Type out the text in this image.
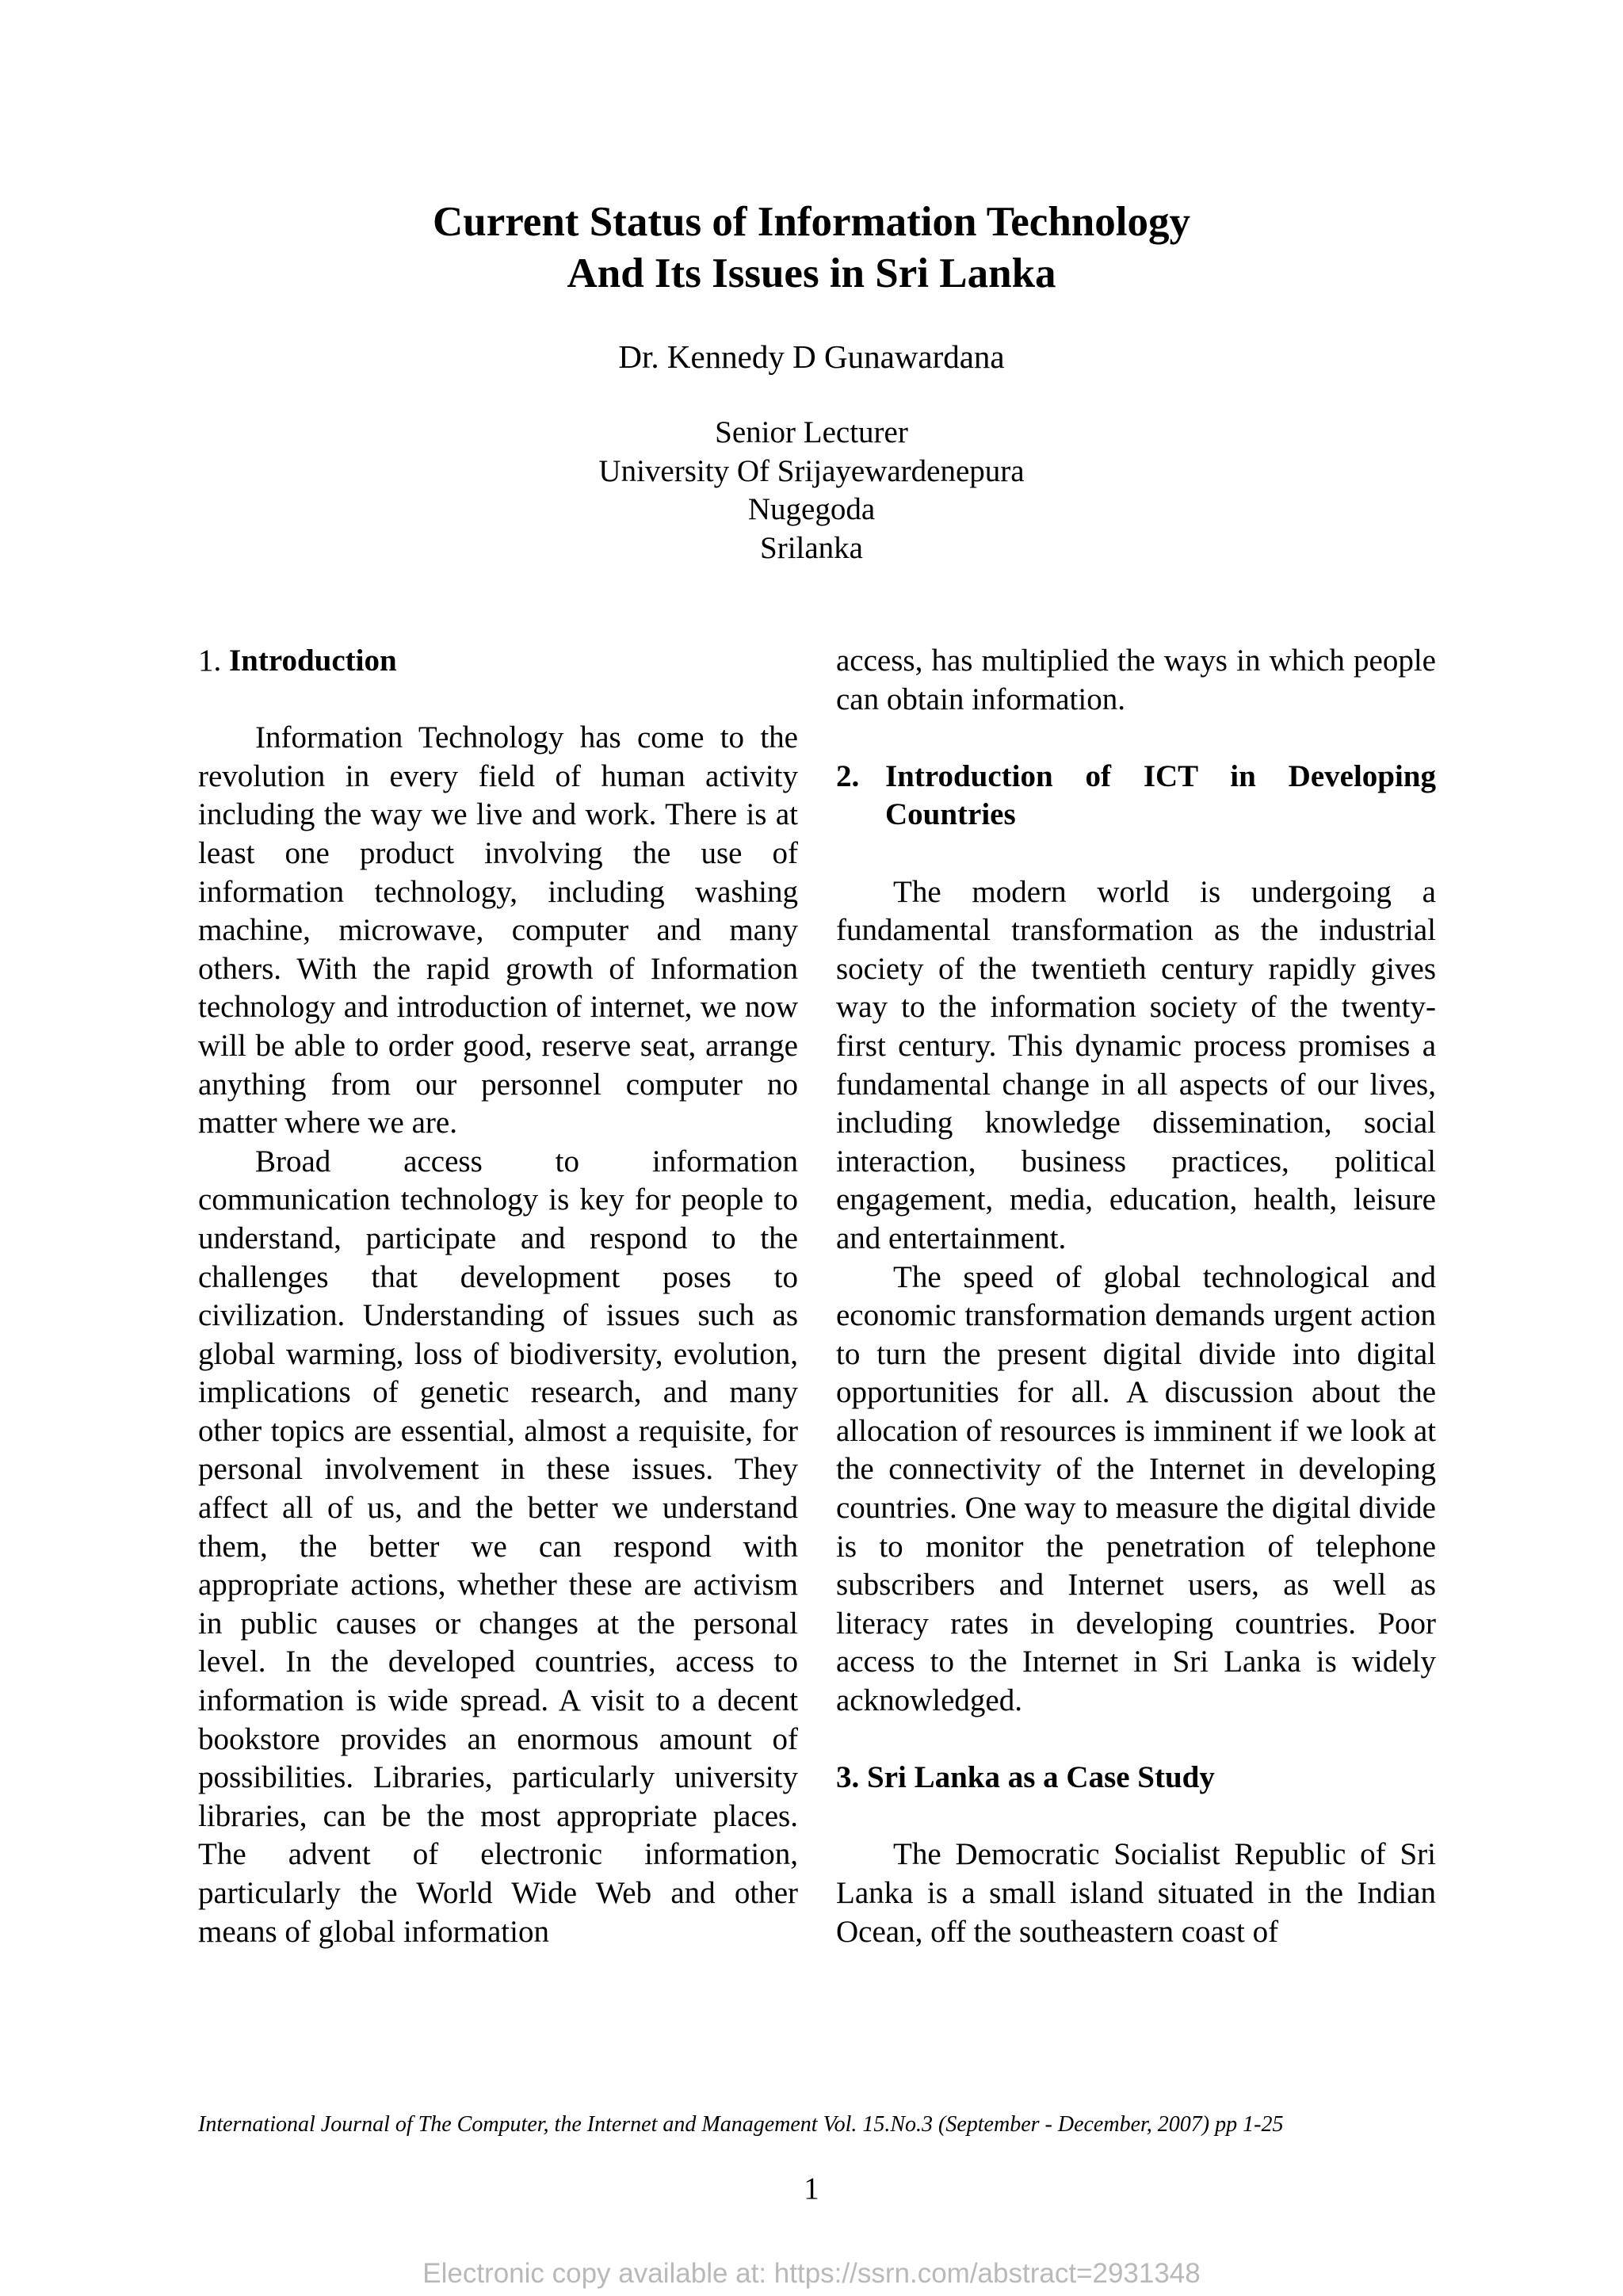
Current Status of Information Technology
And Its Issues in Sri Lanka

Dr. Kennedy D Gunawardana

Senior Lecturer
University Of Srijayewardenepura
Nugegoda
Srilanka

1. Introduction

Information Technology has come to the revolution in every field of human activity including the way we live and work. There is at least one product involving the use of information technology, including washing machine, microwave, computer and many others. With the rapid growth of Information technology and introduction of internet, we now will be able to order good, reserve seat, arrange anything from our personnel computer no matter where we are.

Broad access to information communication technology is key for people to understand, participate and respond to the challenges that development poses to civilization. Understanding of issues such as global warming, loss of biodiversity, evolution, implications of genetic research, and many other topics are essential, almost a requisite, for personal involvement in these issues. They affect all of us, and the better we understand them, the better we can respond with appropriate actions, whether these are activism in public causes or changes at the personal level. In the developed countries, access to information is wide spread. A visit to a decent bookstore provides an enormous amount of possibilities. Libraries, particularly university libraries, can be the most appropriate places. The advent of electronic information, particularly the World Wide Web and other means of global information

access, has multiplied the ways in which people can obtain information.

2. Introduction of ICT in Developing Countries

The modern world is undergoing a fundamental transformation as the industrial society of the twentieth century rapidly gives way to the information society of the twenty-first century. This dynamic process promises a fundamental change in all aspects of our lives, including knowledge dissemination, social interaction, business practices, political engagement, media, education, health, leisure and entertainment.

The speed of global technological and economic transformation demands urgent action to turn the present digital divide into digital opportunities for all. A discussion about the allocation of resources is imminent if we look at the connectivity of the Internet in developing countries. One way to measure the digital divide is to monitor the penetration of telephone subscribers and Internet users, as well as literacy rates in developing countries. Poor access to the Internet in Sri Lanka is widely acknowledged.

3. Sri Lanka as a Case Study

The Democratic Socialist Republic of Sri Lanka is a small island situated in the Indian Ocean, off the southeastern coast of

International Journal of The Computer, the Internet and Management Vol. 15.No.3 (September - December, 2007) pp 1-25

1

Electronic copy available at: https://ssrn.com/abstract=2931348
